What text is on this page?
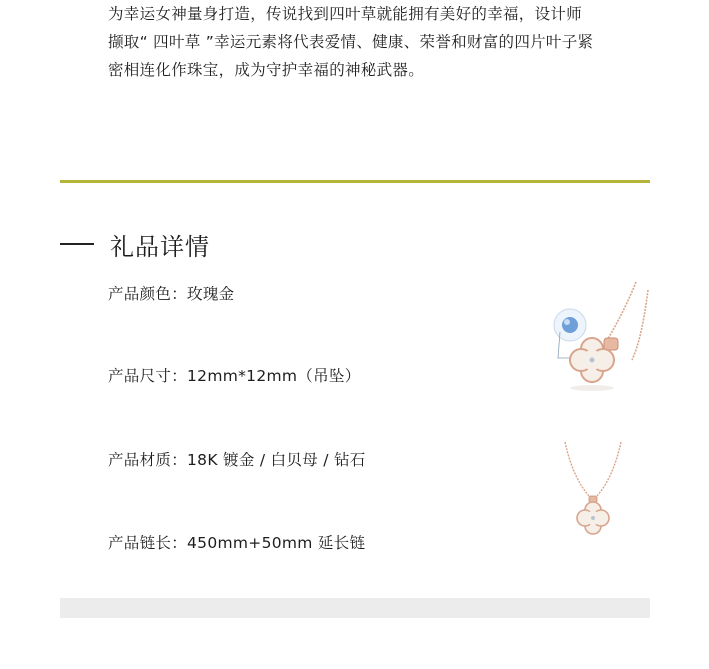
为幸运女神量身打造，传说找到四叶草就能拥有美好的幸福，设计师

撷取“ 四叶草 ”幸运元素将代表爱情、健康、荣誉和财富的四片叶子紧

密相连化作珠宝，成为守护幸福的神秘武器。

礼品详情
产品颜色：玫瑰金
产品尺寸：12mm*12mm（吊坠）
产品材质：18K 镀金 / 白贝母 / 钻石
产品链长：450mm+50mm 延长链
